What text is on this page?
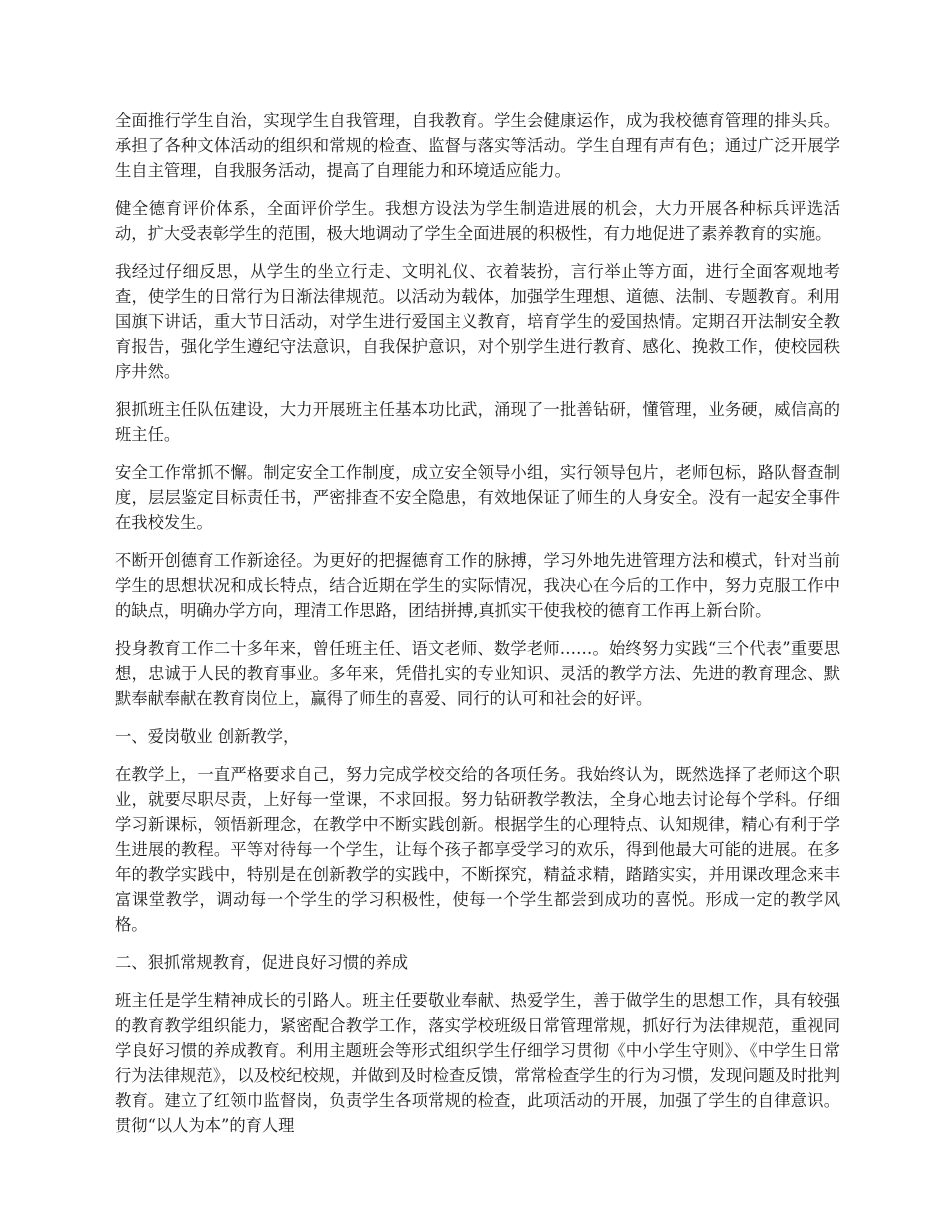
全面推行学生自治，实现学生自我管理，自我教育。学生会健康运作，成为我校德育管理的排头兵。承担了各种文体活动的组织和常规的检查、监督与落实等活动。学生自理有声有色；通过广泛开展学生自主管理，自我服务活动，提高了自理能力和环境适应能力。

健全德育评价体系，全面评价学生。我想方设法为学生制造进展的机会，大力开展各种标兵评选活动，扩大受表彰学生的范围，极大地调动了学生全面进展的积极性，有力地促进了素养教育的实施。

我经过仔细反思，从学生的坐立行走、文明礼仪、衣着装扮，言行举止等方面，进行全面客观地考查，使学生的日常行为日渐法律规范。以活动为载体，加强学生理想、道德、法制、专题教育。利用国旗下讲话，重大节日活动，对学生进行爱国主义教育，培育学生的爱国热情。定期召开法制安全教育报告，强化学生遵纪守法意识，自我保护意识，对个别学生进行教育、感化、挽救工作，使校园秩序井然。

狠抓班主任队伍建设，大力开展班主任基本功比武，涌现了一批善钻研，懂管理，业务硬，威信高的班主任。

安全工作常抓不懈。制定安全工作制度，成立安全领导小组，实行领导包片，老师包标，路队督查制度，层层鉴定目标责任书，严密排查不安全隐患，有效地保证了师生的人身安全。没有一起安全事件在我校发生。

不断开创德育工作新途径。为更好的把握德育工作的脉搏，学习外地先进管理方法和模式，针对当前学生的思想状况和成长特点，结合近期在学生的实际情况，我决心在今后的工作中，努力克服工作中的缺点，明确办学方向，理清工作思路，团结拼搏,真抓实干使我校的德育工作再上新台阶。

投身教育工作二十多年来，曾任班主任、语文老师、数学老师……。始终努力实践“三个代表”重要思想，忠诚于人民的教育事业。多年来，凭借扎实的专业知识、灵活的教学方法、先进的教育理念、默默奉献奉献在教育岗位上，赢得了师生的喜爱、同行的认可和社会的好评。

一、爱岗敬业 创新教学，

在教学上，一直严格要求自己，努力完成学校交给的各项任务。我始终认为，既然选择了老师这个职业，就要尽职尽责，上好每一堂课，不求回报。努力钻研教学教法，全身心地去讨论每个学科。仔细学习新课标，领悟新理念，在教学中不断实践创新。根据学生的心理特点、认知规律，精心有利于学生进展的教程。平等对待每一个学生，让每个孩子都享受学习的欢乐，得到他最大可能的进展。在多年的教学实践中，特别是在创新教学的实践中，不断探究，精益求精，踏踏实实，并用课改理念来丰富课堂教学，调动每一个学生的学习积极性，使每一个学生都尝到成功的喜悦。形成一定的教学风格。

二、狠抓常规教育，促进良好习惯的养成

班主任是学生精神成长的引路人。班主任要敬业奉献、热爱学生，善于做学生的思想工作，具有较强的教育教学组织能力，紧密配合教学工作，落实学校班级日常管理常规，抓好行为法律规范，重视同学良好习惯的养成教育。利用主题班会等形式组织学生仔细学习贯彻《中小学生守则》、《中学生日常行为法律规范》，以及校纪校规，并做到及时检查反馈，常常检查学生的行为习惯，发现问题及时批判教育。建立了红领巾监督岗，负责学生各项常规的检查，此项活动的开展，加强了学生的自律意识。贯彻“以人为本”的育人理
